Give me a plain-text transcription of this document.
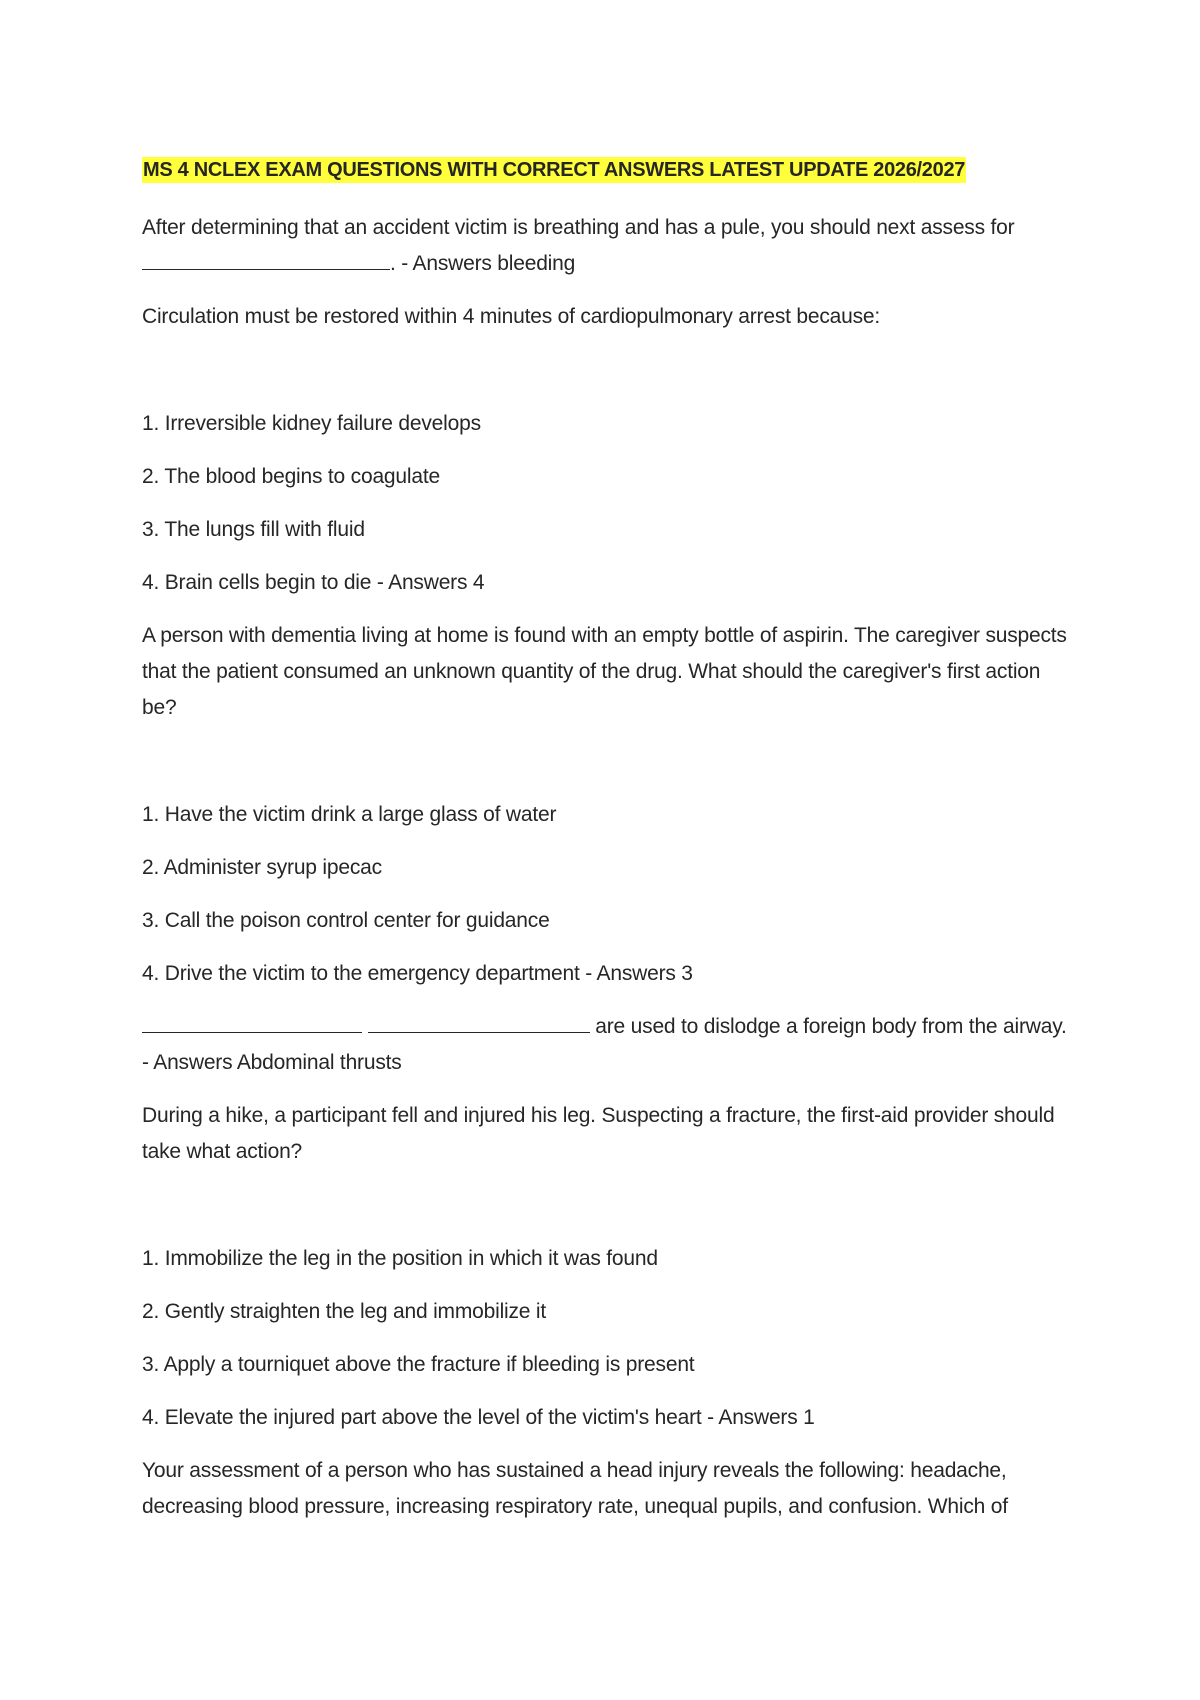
MS 4 NCLEX EXAM QUESTIONS WITH CORRECT ANSWERS LATEST UPDATE 2026/2027

After determining that an accident victim is breathing and has a pule, you should next assess for
. - Answers bleeding

Circulation must be restored within 4 minutes of cardiopulmonary arrest because:

1. Irreversible kidney failure develops

2. The blood begins to coagulate

3. The lungs fill with fluid

4. Brain cells begin to die - Answers 4

A person with dementia living at home is found with an empty bottle of aspirin. The caregiver suspects that the patient consumed an unknown quantity of the drug. What should the caregiver's first action be?

1. Have the victim drink a large glass of water

2. Administer syrup ipecac

3. Call the poison control center for guidance

4. Drive the victim to the emergency department - Answers 3

are used to dislodge a foreign body from the airway. - Answers Abdominal thrusts

During a hike, a participant fell and injured his leg. Suspecting a fracture, the first-aid provider should take what action?

1. Immobilize the leg in the position in which it was found

2. Gently straighten the leg and immobilize it

3. Apply a tourniquet above the fracture if bleeding is present

4. Elevate the injured part above the level of the victim's heart - Answers 1

Your assessment of a person who has sustained a head injury reveals the following: headache, decreasing blood pressure, increasing respiratory rate, unequal pupils, and confusion. Which of
